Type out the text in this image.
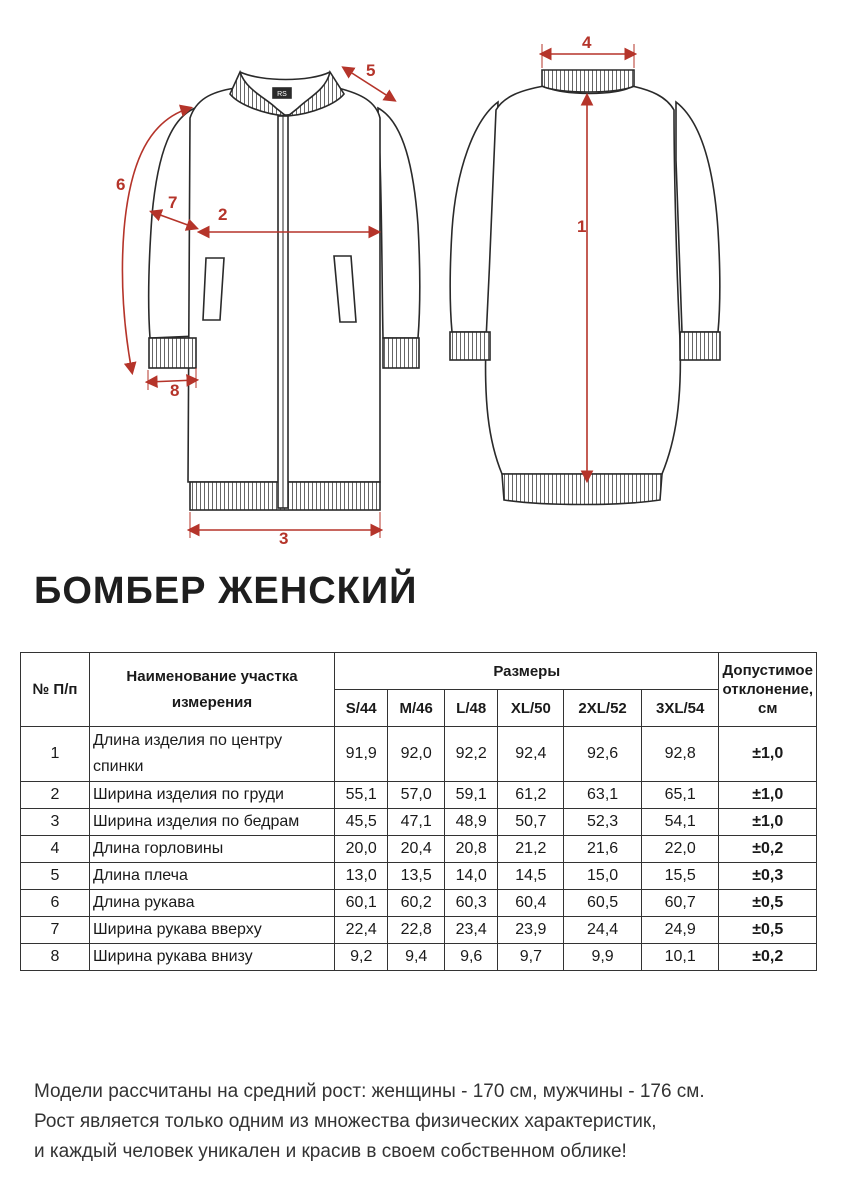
RS
1
2
3
4
5
6
7
8
БОМБЕР ЖЕНСКИЙ
№ П/п	Наименование участка измерения	Размеры						Допустимое отклонение, см
		S/44	M/46	L/48	XL/50	2XL/52	3XL/54	
1	Длина изделия по центру спинки	91,9	92,0	92,2	92,4	92,6	92,8	±1,0
2	Ширина изделия по груди	55,1	57,0	59,1	61,2	63,1	65,1	±1,0
3	Ширина изделия по бедрам	45,5	47,1	48,9	50,7	52,3	54,1	±1,0
4	Длина горловины	20,0	20,4	20,8	21,2	21,6	22,0	±0,2
5	Длина плеча	13,0	13,5	14,0	14,5	15,0	15,5	±0,3
6	Длина рукава	60,1	60,2	60,3	60,4	60,5	60,7	±0,5
7	Ширина рукава вверху	22,4	22,8	23,4	23,9	24,4	24,9	±0,5
8	Ширина рукава внизу	9,2	9,4	9,6	9,7	9,9	10,1	±0,2

Модели рассчитаны на средний рост: женщины - 170 см, мужчины - 176 см.

Рост является только одним из множества физических характеристик,

и каждый человек уникален и красив в своем собственном облике!
